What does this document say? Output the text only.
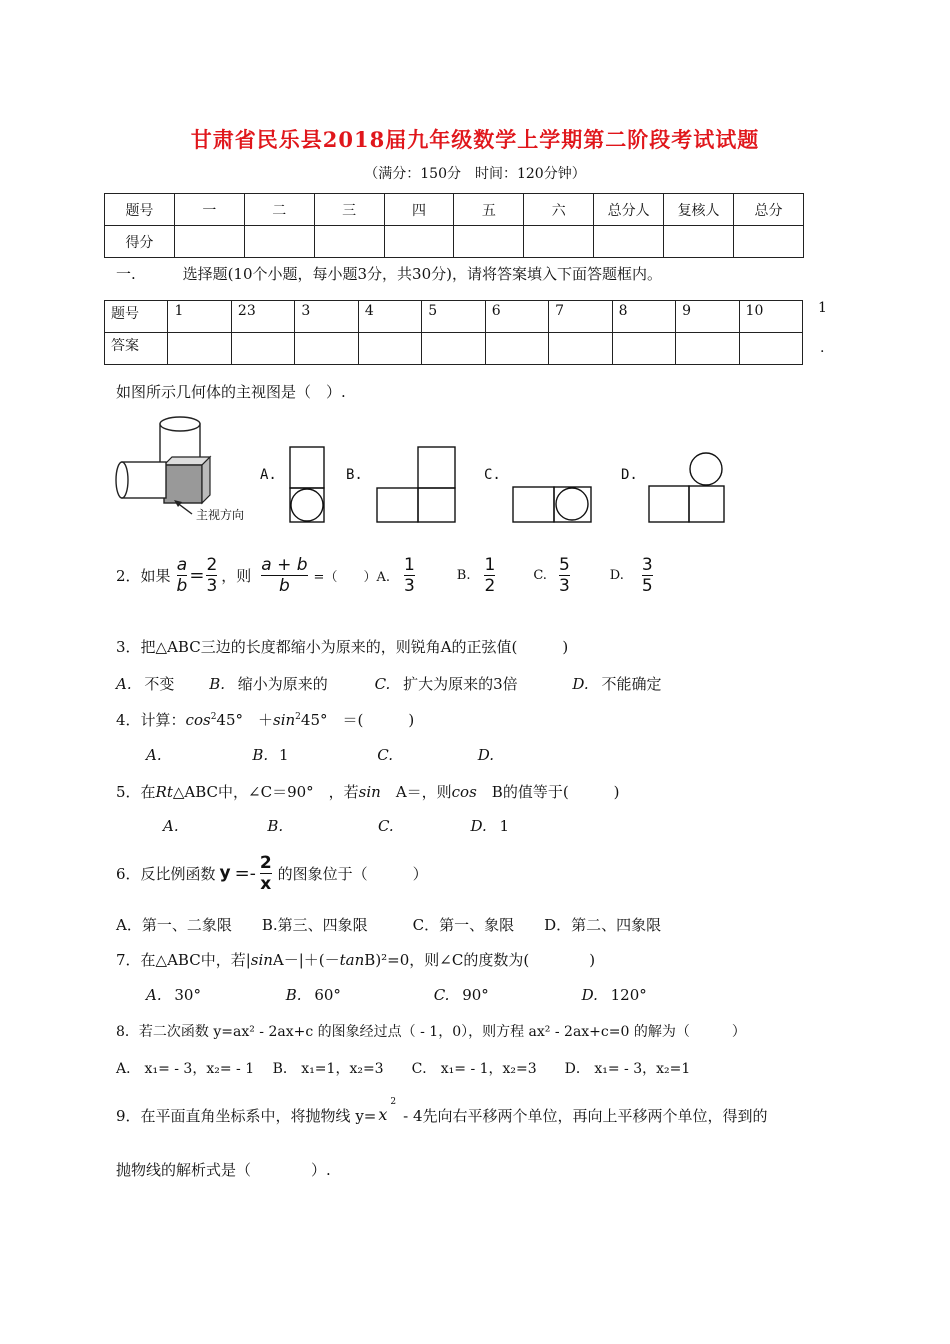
甘肃省民乐县2018届九年级数学上学期第二阶段考试试题
（满分：150分　时间：120分钟）
题号	一	二	三	四	五	六	总分人	复核人	总分
得分									
一.	选择题(10个小题，每小题3分，共30分)，请将答案填入下面答题框内。
题号	1	23	3	4	5	6	7	8	9	10
答案										
1
.
如图所示几何体的主视图是（　）.
主视方向
A.	B.	C.	D.
2．如果
a
b = 2
3 ，则
a + b
b =（　　）A.
1
3
B.
1
2
C.
5
3
D.
3
5
3．把△ABC三边的长度都缩小为原来的，则锐角A的正弦值(　　　)
A. 不变 B. 缩小为原来的	C. 扩大为原来的3倍	D. 不能确定
4．计算：$\cos^245^\circ$　$+\sin^245^\circ$　＝(　　　)
A.	B. 1	C.	D.
5．在Rt△ABC中，∠C＝90°　，若sin　A＝，则cos　B的值等于(　　　)
A.	B.	C.	D. 1
6．反比例函数 y =- 2
x 的图象位于（　　　）
A．第一、二象限　　B.第三、四象限　　　C．第一、象限　　D．第二、四象限
7．在△ABC中，若|sinA－|＋(－tanB)²=0，则∠C的度数为(　　　　)
A. 30°	B. 60°	C. 90°	D. 120°
8．若二次函数 y=ax² - 2ax+c 的图象经过点（ - 1，0），则方程 ax² - 2ax+c=0 的解为（　　　）
A． x₁= - 3，x₂= - 1　 B． x₁=1，x₂=3　　C． x₁= - 1，x₂=3　　D． x₁= - 3，x₂=1
9．在平面直角坐标系中，将抛物线 y= x
2
- 4先向右平移两个单位，再向上平移两个单位，得到的
抛物线的解析式是（　　　　）.
